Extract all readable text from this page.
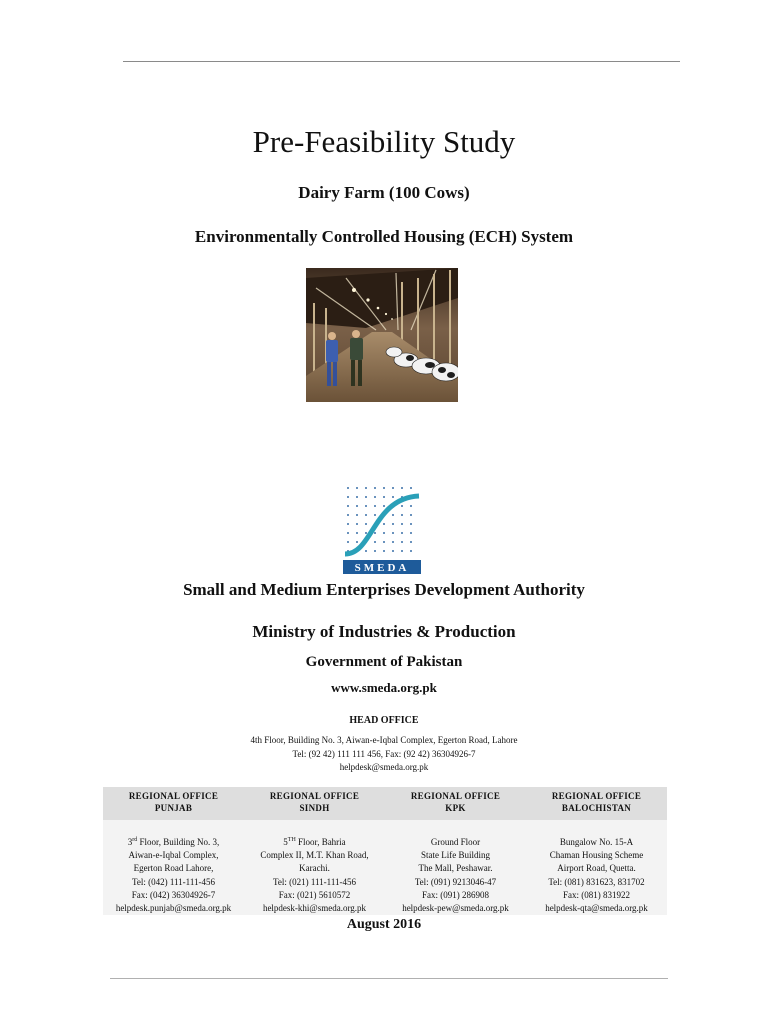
Pre-Feasibility Study
Dairy Farm (100 Cows)
Environmentally Controlled Housing (ECH) System
SMEDA
Small and Medium Enterprises Development Authority
Ministry of Industries & Production
Government of Pakistan
www.smeda.org.pk
HEAD OFFICE
4th Floor, Building No. 3, Aiwan-e-Iqbal Complex, Egerton Road, Lahore
Tel: (92 42) 111 111 456, Fax: (92 42) 36304926-7
helpdesk@smeda.org.pk
REGIONAL OFFICE
PUNJAB
3rd Floor, Building No. 3,
Aiwan-e-Iqbal Complex,
Egerton Road Lahore,
Tel: (042) 111-111-456
Fax: (042) 36304926-7
helpdesk.punjab@smeda.org.pk
REGIONAL OFFICE
SINDH
5TH Floor, Bahria
Complex II, M.T. Khan Road,
Karachi.
Tel: (021) 111-111-456
Fax: (021) 5610572
helpdesk-khi@smeda.org.pk
REGIONAL OFFICE
KPK
Ground Floor
State Life Building
The Mall, Peshawar.
Tel: (091) 9213046-47
Fax: (091) 286908
helpdesk-pew@smeda.org.pk
REGIONAL OFFICE
BALOCHISTAN
Bungalow No. 15-A
Chaman Housing Scheme
Airport Road, Quetta.
Tel: (081) 831623, 831702
Fax: (081) 831922
helpdesk-qta@smeda.org.pk
August 2016
